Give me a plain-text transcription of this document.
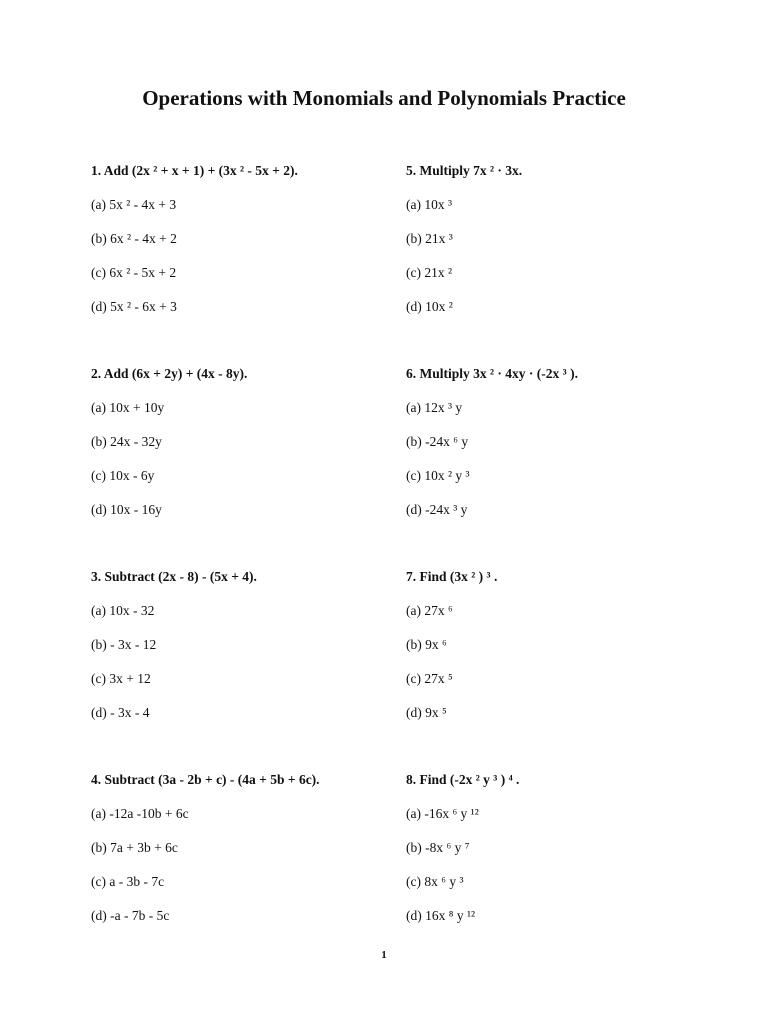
Operations with Monomials and Polynomials Practice
1. Add (2x ² + x + 1) + (3x ² - 5x + 2).
(a) 5x ² - 4x + 3
(b) 6x ² - 4x + 2
(c) 6x ² - 5x + 2
(d) 5x ² - 6x + 3
2. Add (6x + 2y) + (4x - 8y).
(a) 10x + 10y
(b) 24x - 32y
(c) 10x - 6y
(d) 10x - 16y
3. Subtract (2x - 8) - (5x + 4).
(a) 10x - 32
(b) - 3x - 12
(c) 3x + 12
(d) - 3x - 4
4. Subtract (3a - 2b + c) - (4a + 5b + 6c).
(a) -12a -10b + 6c
(b) 7a + 3b + 6c
(c) a - 3b - 7c
(d) -a - 7b - 5c
5. Multiply 7x ² · 3x.
(a) 10x ³
(b) 21x ³
(c) 21x ²
(d) 10x ²
6. Multiply 3x ² · 4xy · (-2x ³ ).
(a) 12x ³ y
(b) -24x ⁶ y
(c) 10x ² y ³
(d) -24x ³ y
7. Find (3x ² ) ³ .
(a) 27x ⁶
(b) 9x ⁶
(c) 27x ⁵
(d) 9x ⁵
8. Find (-2x ² y ³ ) ⁴ .
(a) -16x ⁶ y ¹²
(b) -8x ⁶ y ⁷
(c) 8x ⁶ y ³
(d) 16x ⁸ y ¹²
1
